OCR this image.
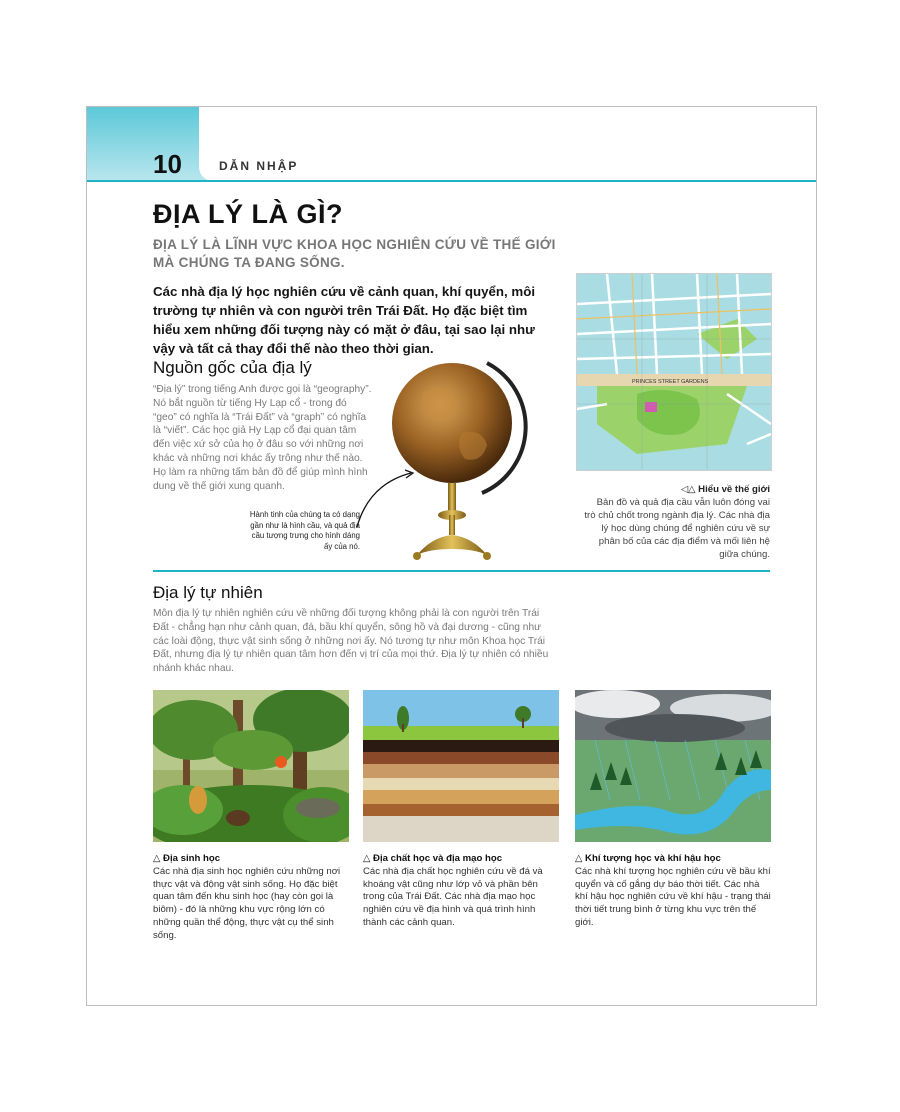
10	DẪN NHẬP
ĐỊA LÝ LÀ GÌ?
ĐỊA LÝ LÀ LĨNH VỰC KHOA HỌC NGHIÊN CỨU VỀ THẾ GIỚI MÀ CHÚNG TA ĐANG SỐNG.
Các nhà địa lý học nghiên cứu về cảnh quan, khí quyển, môi trường tự nhiên và con người trên Trái Đất. Họ đặc biệt tìm hiểu xem những đối tượng này có mặt ở đâu, tại sao lại như vậy và tất cả thay đổi thế nào theo thời gian.
Nguồn gốc của địa lý
“Địa lý” trong tiếng Anh được gọi là “geography”. Nó bắt nguồn từ tiếng Hy Lạp cổ - trong đó “geo” có nghĩa là “Trái Đất” và “graph” có nghĩa là “viết”. Các học giả Hy Lạp cổ đại quan tâm đến việc xứ sở của họ ở đâu so với những nơi khác và những nơi khác ấy trông như thế nào. Họ làm ra những tấm bản đồ để giúp mình hình dung về thế giới xung quanh.
Hành tinh của chúng ta có dạng gần như là hình cầu, và quả địa cầu tượng trưng cho hình dáng ấy của nó.
PRINCES STREET GARDENS
◁△ Hiểu về thế giới
Bản đồ và quả địa cầu vẫn luôn đóng vai trò chủ chốt trong ngành địa lý. Các nhà địa lý học dùng chúng để nghiên cứu về sự phân bố của các địa điểm và mối liên hệ giữa chúng.
Địa lý tự nhiên
Môn địa lý tự nhiên nghiên cứu về những đối tượng không phải là con người trên Trái Đất - chẳng hạn như cảnh quan, đá, bầu khí quyển, sông hồ và đại dương - cũng như các loài động, thực vật sinh sống ở những nơi ấy. Nó tương tự như môn Khoa học Trái Đất, nhưng địa lý tự nhiên quan tâm hơn đến vị trí của mọi thứ. Địa lý tự nhiên có nhiều nhánh khác nhau.
△ Địa sinh học
Các nhà địa sinh học nghiên cứu những nơi thực vật và động vật sinh sống. Họ đặc biệt quan tâm đến khu sinh học (hay còn gọi là biôm) - đó là những khu vực rộng lớn có những quần thể động, thực vật cụ thể sinh sống.
△ Địa chất học và địa mạo học
Các nhà địa chất học nghiên cứu về đá và khoáng vật cũng như lớp vỏ và phần bên trong của Trái Đất. Các nhà địa mạo học nghiên cứu về địa hình và quá trình hình thành các cảnh quan.
△ Khí tượng học và khí hậu học
Các nhà khí tượng học nghiên cứu về bầu khí quyển và cố gắng dự báo thời tiết. Các nhà khí hậu học nghiên cứu về khí hậu - trạng thái thời tiết trung bình ở từng khu vực trên thế giới.
